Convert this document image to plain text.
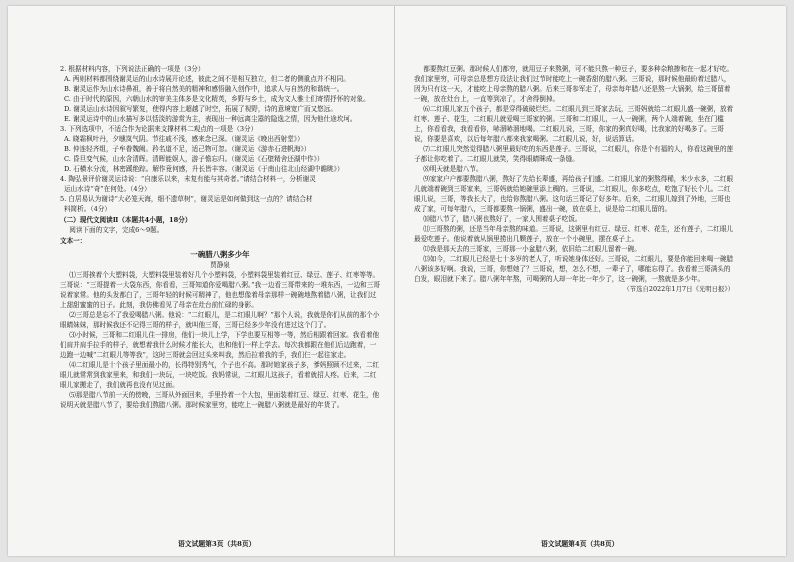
2. 根据材料内容，下列说法正确的一项是（3分）

A. 两则材料都围绕谢灵运的山水诗展开论述，彼此之间不是相互独立，但二者的侧重点并不相同。

B. 谢灵运作为山水诗鼻祖，善于将自然美的精神和感悟融入创作中，追求人与自然的和谐统一。

C. 由于时代的原因，六朝山水的审美主体多是文化精英，乡野与乡土，成为文人雅士们寄情抒怀的对象。

D. 谢灵运山水诗因叙写繁复，使得内容上超越了时空，拓展了视野，诗的意境宽广而又悠远。

E. 谢灵运诗中的山水描写多以恬淡的游赏为主，表现出一种远离尘嚣的隐逸之情，因为他仕途坎坷。

3. 下列选项中，不适合作为论据来支撑材料二观点的一项是（3分）

A. 晓霜枫叶丹，夕曛岚气阴。节往戚不浅，感来念已深。（谢灵运《晚出西射堂》）

B. 仲连轻齐组，子牟眷魏阙。矜名道不足，适己物可忽。（谢灵运《游赤石进帆海》）

C. 昏旦变气候，山水含清晖。清晖能娱人，游子憺忘归。（谢灵运《石壁精舍还湖中作》）

D. 石横水分流，林密蹊绝踪。解作竟何感，升长皆丰容。（谢灵运《于南山往北山经湖中瞻眺》）

4. 陶弘景评价谢灵运诗说：“自康乐以来，未复有能与其奇者。”请结合材料一，分析谢灵

运山水诗“奇”在何处。（4分）

5. 白居易认为谢诗“大必笼天海，细不遗草树”，谢灵运是如何做到这一点的？请结合材

料简析。（4分）

（二）现代文阅读Ⅱ（本题共4小题，18分）

阅读下面的文字，完成6～9题。

文本一：

一碗腊八粥多少年

贾静泉

⑴三哥挨着个大塑料袋，大塑料袋里装着好几个小塑料袋，小塑料袋里装着红豆、绿豆、莲子、红枣等等。三哥说：“三哥提着一大袋东西，你看看，三哥知道你爱喝腊八粥。”我一边看三哥带来的一堆东西，一边和三哥说着家常。他的头发都白了，三哥年轻的时候可精神了，他也想像着母亲那样一碗碗地熬着腊八粥，让我们过上甜甜蜜蜜的日子。此刻，我仿佛看见了母亲在灶台前忙碌的身影。

⑵三哥总是忘不了我爱喝腊八粥。他说：“二红眼儿，是二红眼儿啊？”那个人说，我就是你们从前的那个小眼睛妹妹，那时候我还不记得三哥的样子，就叫他三哥，三哥已经多少年没有进过这个门了。

⑶小时候，三哥和二红眼儿住一排房，他们一块儿上学，下学也要互相等一等，然后相跟着回家。我看着他们肩并肩手拉手的样子，就想着我什么时候才能长大，也和他们一样上学去。每次我都跟在他们后边跑着，一边跑一边喊“二红眼儿等等我”，这时三哥就会回过头来叫我，然后拉着我的手，我们仨一起往家走。

⑷二红眼儿是十个孩子里面最小的，长得特别秀气，个子也不高。那时她家孩子多，爹妈照顾不过来，二红眼儿就常常到我家里来，和我们一块玩，一块吃饭。我妈常说，二红眼儿这孩子，看着就招人疼。后来，二红眼儿家搬走了，我们就再也没有见过面。

⑸那是腊八节前一天的傍晚，三哥从外面回来，手里拎着一个大包，里面装着红豆、绿豆、红枣、花生，他说明天就是腊八节了，要给我们熬腊八粥。那时候家里穷，能吃上一碗腊八粥就是最好的年货了。

都要熬红豆粥。那时候人们都穷，就用豆子来熬粥，可不能只熬一种豆子，要多种杂粮掺和在一起才好吃。我们家里穷，可母亲总是想方设法让我们过节时能吃上一碗香甜的腊八粥。三哥说，那时候他最盼着过腊八，因为只有这一天，才能吃上母亲熬的腊八粥。后来三哥参军走了，母亲每年腊八还是熬一大锅粥，给三哥留着一碗，放在灶台上，一直等到凉了，才舍得倒掉。

⑹二红眼儿家五个孩子，都是穿得破破烂烂。二红眼儿到三哥家去玩，三哥妈就给二红眼儿盛一碗粥，放着红枣、莲子、花生，二红眼儿就爱喝三哥家的粥。三哥和二红眼儿，一人一碗粥，两个人端着碗，坐在门槛上，你看看我，我看看你，哧溜哧溜地喝。二红眼儿说，三哥，你家的粥真好喝，比我家的好喝多了。三哥说，你要是喜欢，以后每年腊八都来我家喝粥。二红眼儿说，好，说话算话。

⑺二红眼儿突然觉得腊八粥里最好吃的东西是莲子。三哥说，二红眼儿，你是个有福的人，你看这碗里的莲子都让你吃着了。二红眼儿就笑，笑得眼睛眯成一条缝。

⑻明天就是腊八节。

⑼家家户户都要熬腊八粥，熬好了先给长辈盛，再给孩子们盛。二红眼儿家的粥熬得稀，米少水多，二红眼儿就端着碗到三哥家来，三哥妈就给她碗里添上稠的。三哥说，二红眼儿，你多吃点，吃饱了好长个儿。二红眼儿说，三哥，等我长大了，也给你熬腊八粥。这句话三哥记了好多年。后来，二红眼儿嫁到了外地，三哥也成了家，可每年腊八，三哥都要熬一锅粥，盛出一碗，放在桌上，说是给二红眼儿留的。

⑽腊八节了，腊八粥也熬好了，一家人围着桌子吃饭。

⑾三哥熬的粥，还是当年母亲熬的味道。三哥说，这粥里有红豆、绿豆、红枣、花生，还有莲子，二红眼儿最爱吃莲子。他说着就从锅里捞出几颗莲子，放在一个小碗里，摆在桌子上。

⑿我是那天去的三哥家，三哥那一小盆腊八粥，依旧给二红眼儿留着一碗。

⒀如今，二红眼儿已经是七十多岁的老人了，听说她身体还好。三哥说，二红眼儿，要是你能回来喝一碗腊八粥该多好啊。我说，三哥，你想她了？三哥说，想，怎么不想，一辈子了，哪能忘得了。我看着三哥满头的白发，眼泪就下来了。腊八粥年年熬，可喝粥的人却一年比一年少了，这一碗粥，一熬就是多少年。

（节选自2022年1月7日《光明日报》）

语文试题第3页（共8页）	语文试题第4页（共8页）
